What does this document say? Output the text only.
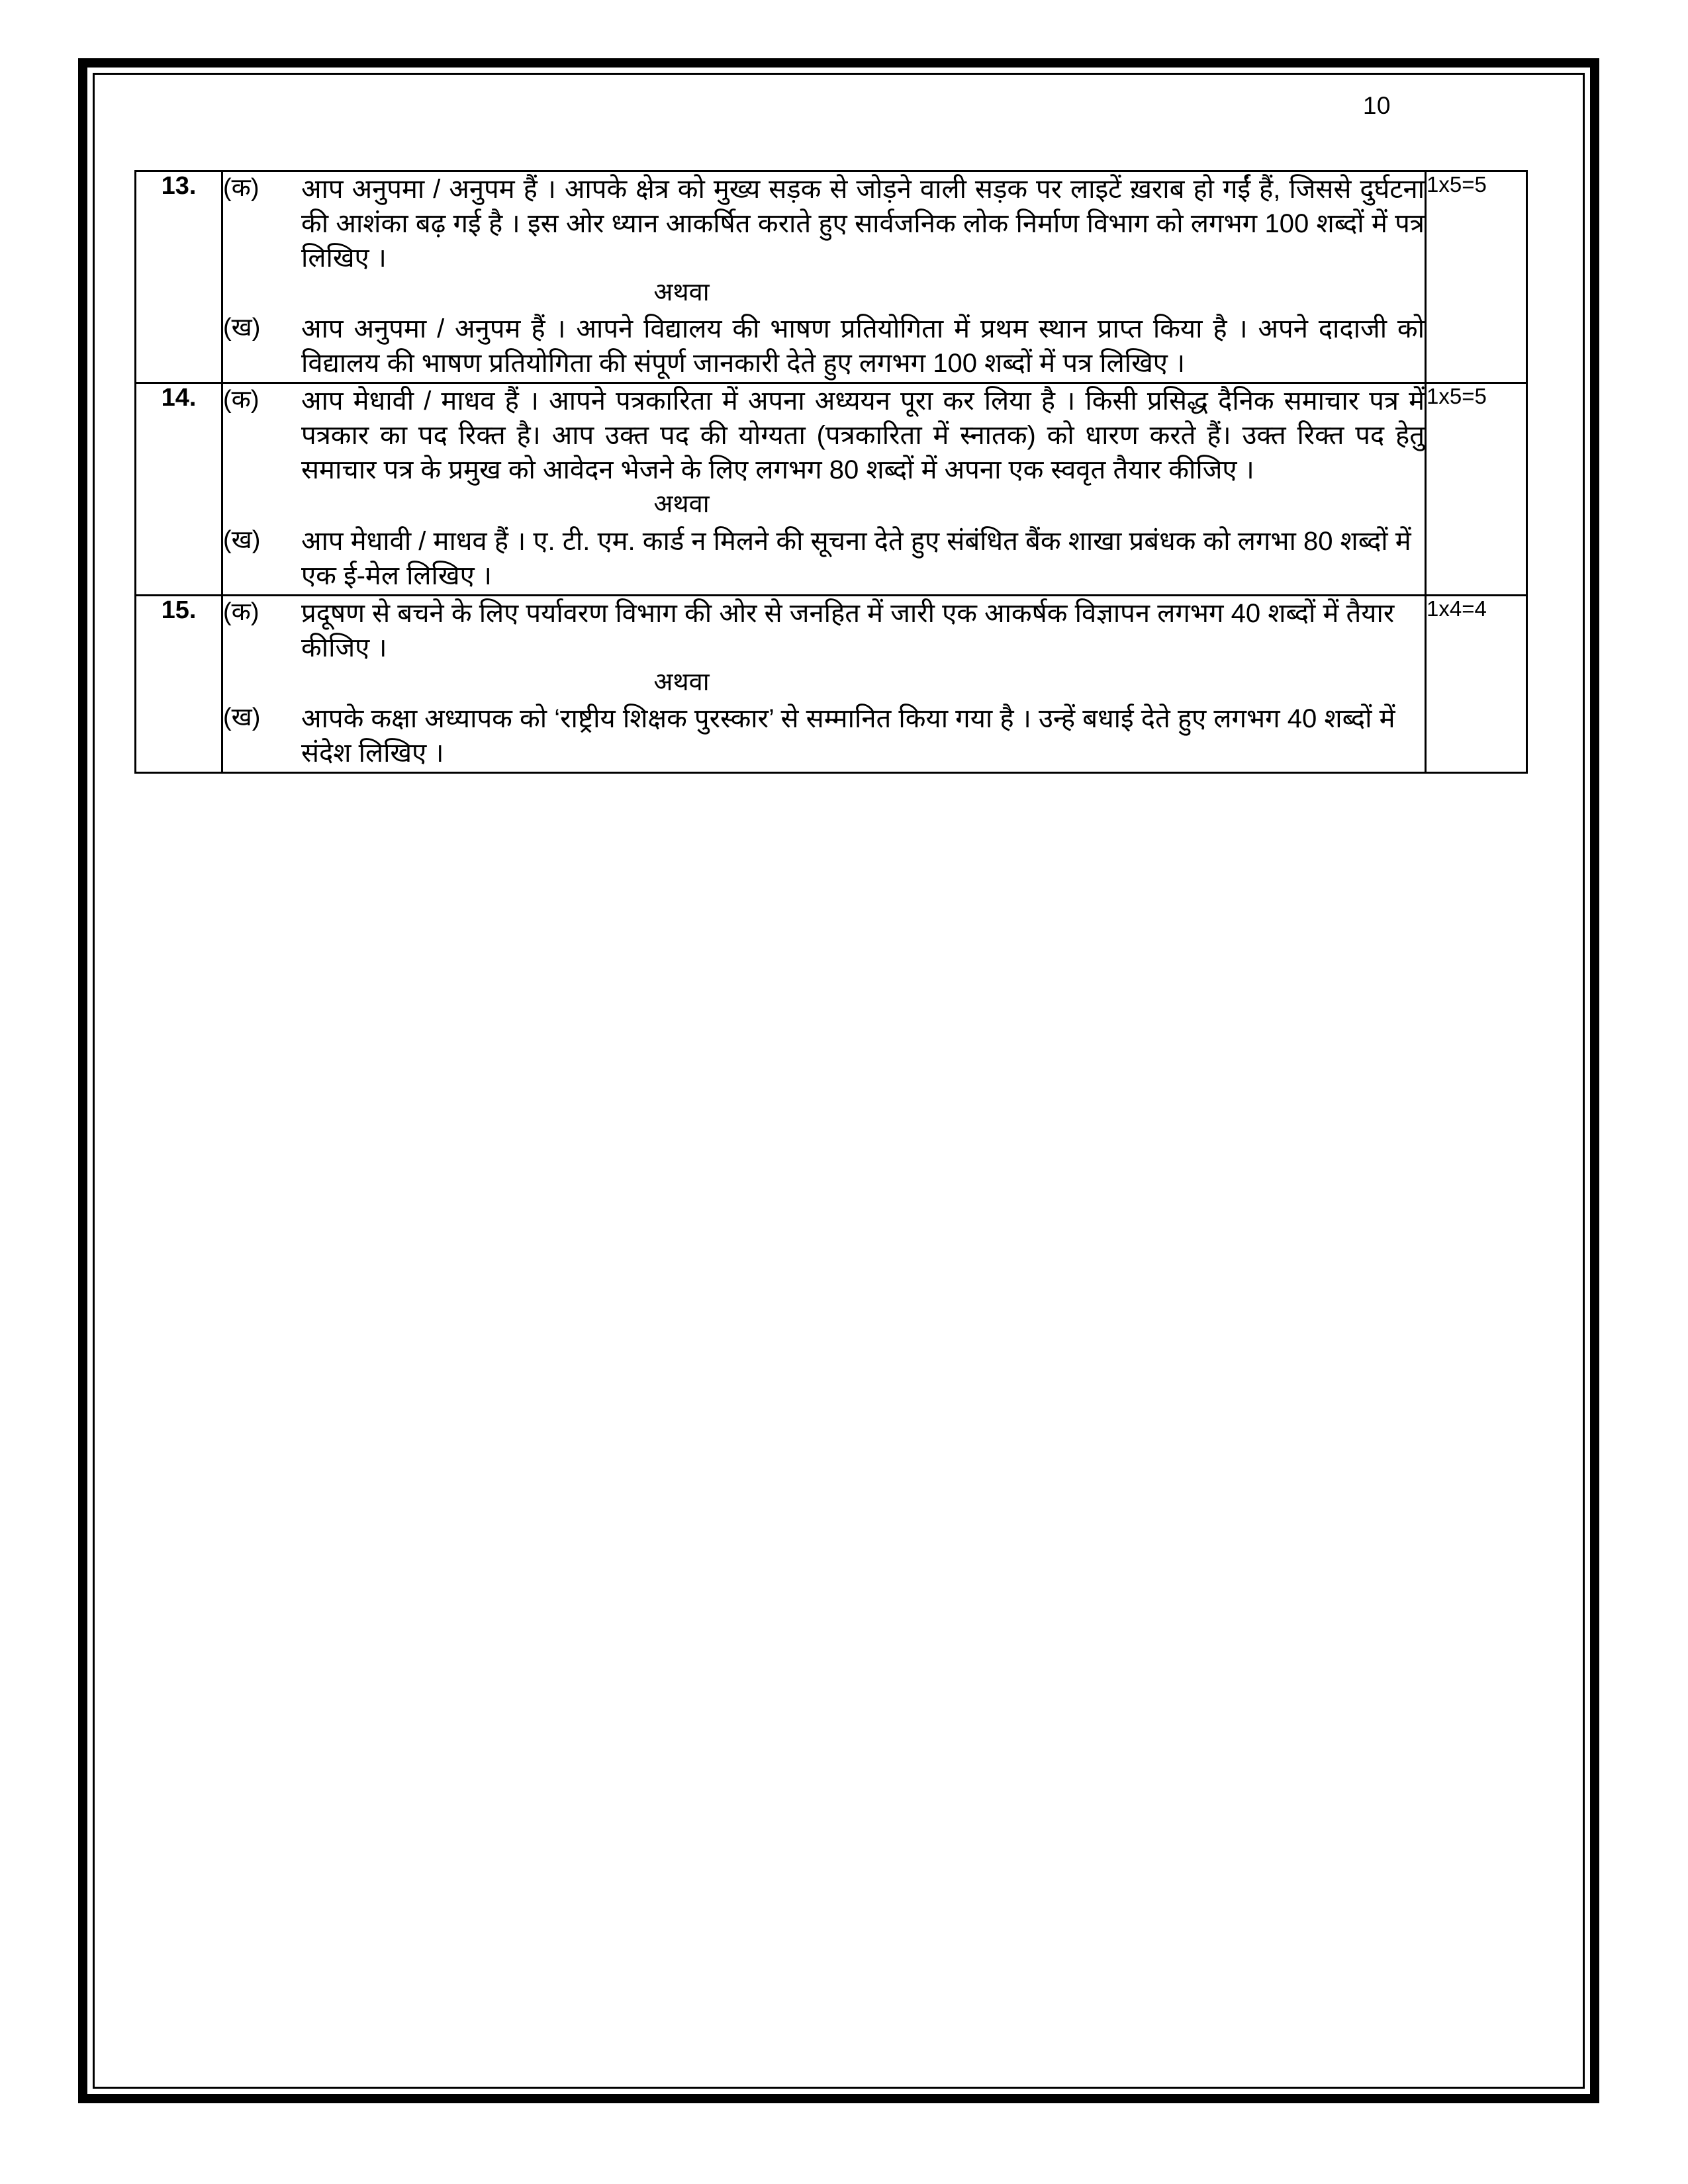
10
13.	(क) आप अनुपमा / अनुपम हैं । आपके क्षेत्र को मुख्य सड़क से जोड़ने वाली सड़क पर लाइटें ख़राब हो गईं हैं, जिससे दुर्घटना की आशंका बढ़ गई है । इस ओर ध्यान आकर्षित कराते हुए सार्वजनिक लोक निर्माण विभाग को लगभग 100 शब्दों में पत्र लिखिए ।
अथवा
(ख) आप अनुपमा / अनुपम हैं । आपने विद्यालय की भाषण प्रतियोगिता में प्रथम स्थान प्राप्त किया है । अपने दादाजी को विद्यालय की भाषण प्रतियोगिता की संपूर्ण जानकारी देते हुए लगभग 100 शब्दों में पत्र लिखिए ।	1x5=5
14.	(क) आप मेधावी / माधव हैं । आपने पत्रकारिता में अपना अध्ययन पूरा कर लिया है । किसी प्रसिद्ध दैनिक समाचार पत्र में पत्रकार का पद रिक्त है। आप उक्त पद की योग्यता (पत्रकारिता में स्नातक) को धारण करते हैं। उक्त रिक्त पद हेतु समाचार पत्र के प्रमुख को आवेदन भेजने के लिए लगभग 80 शब्दों में अपना एक स्ववृत तैयार कीजिए ।
अथवा
(ख) आप मेधावी / माधव हैं । ए. टी. एम. कार्ड न मिलने की सूचना देते हुए संबंधित बैंक शाखा प्रबंधक को लगभा 80 शब्दों में एक ई-मेल लिखिए ।	1x5=5
15.	(क) प्रदूषण से बचने के लिए पर्यावरण विभाग की ओर से जनहित में जारी एक आकर्षक विज्ञापन लगभग 40 शब्दों में तैयार कीजिए ।
अथवा
(ख) आपके कक्षा अध्यापक को ‘राष्ट्रीय शिक्षक पुरस्कार’ से सम्मानित किया गया है । उन्हें बधाई देते हुए लगभग 40 शब्दों में संदेश लिखिए ।	1x4=4
